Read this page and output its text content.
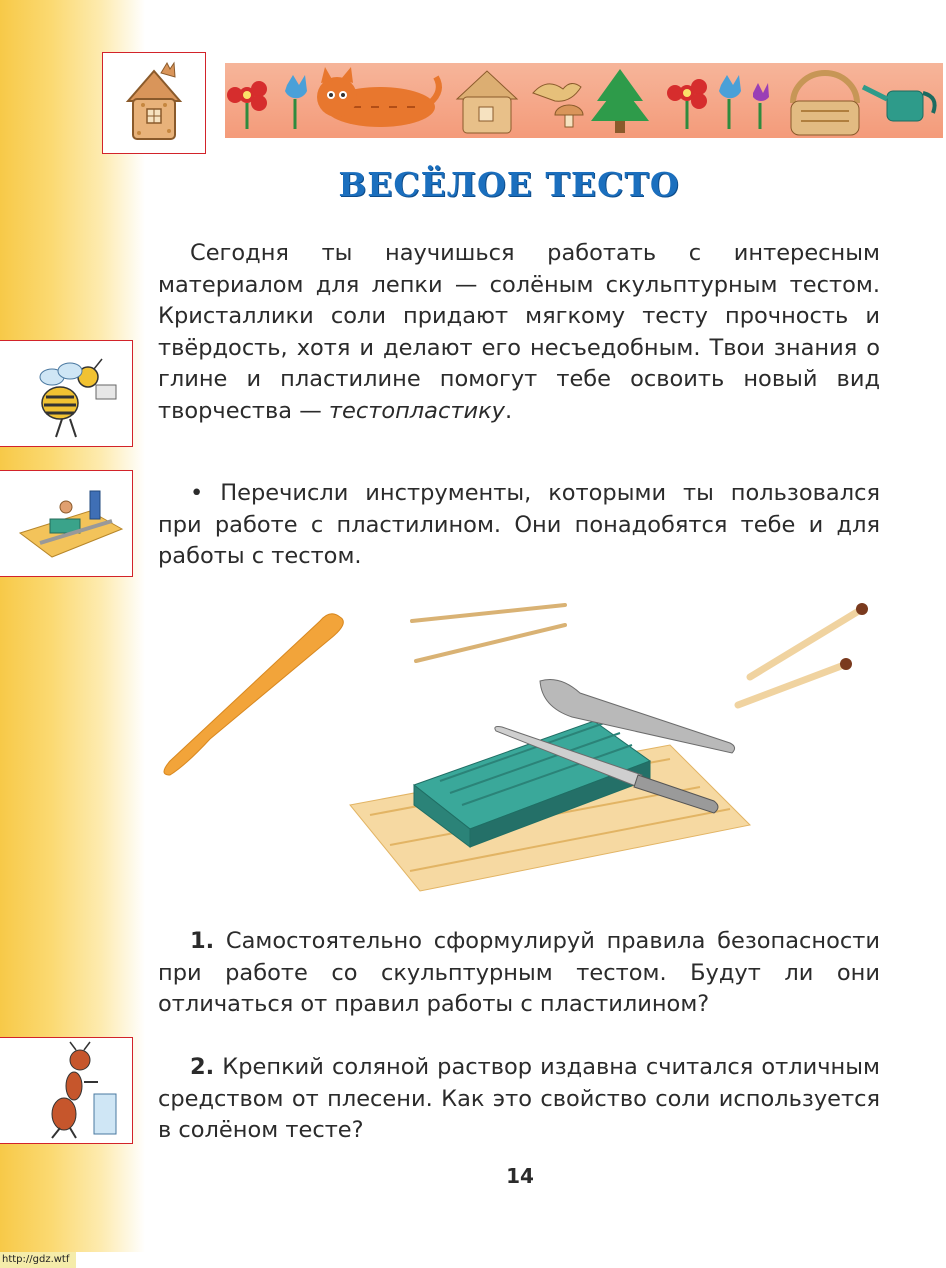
ВЕСЁЛОЕ ТЕСТО
Сегодня ты научишься работать с интересным материалом для лепки — солёным скульптурным тестом. Кристаллики соли придают мягкому тесту прочность и твёрдость, хотя и делают его несъедобным. Твои знания о глине и пластилине помогут тебе освоить новый вид творчества — тестопластику.
• Перечисли инструменты, которыми ты пользовался при работе с пластилином. Они понадобятся тебе и для работы с тестом.
1. Самостоятельно сформулируй правила безопасности при работе со скульптурным тестом. Будут ли они отличаться от правил работы с пластилином?
2. Крепкий соляной раствор издавна считался отличным средством от плесени. Как это свойство соли используется в солёном тесте?
14
http://gdz.wtf
